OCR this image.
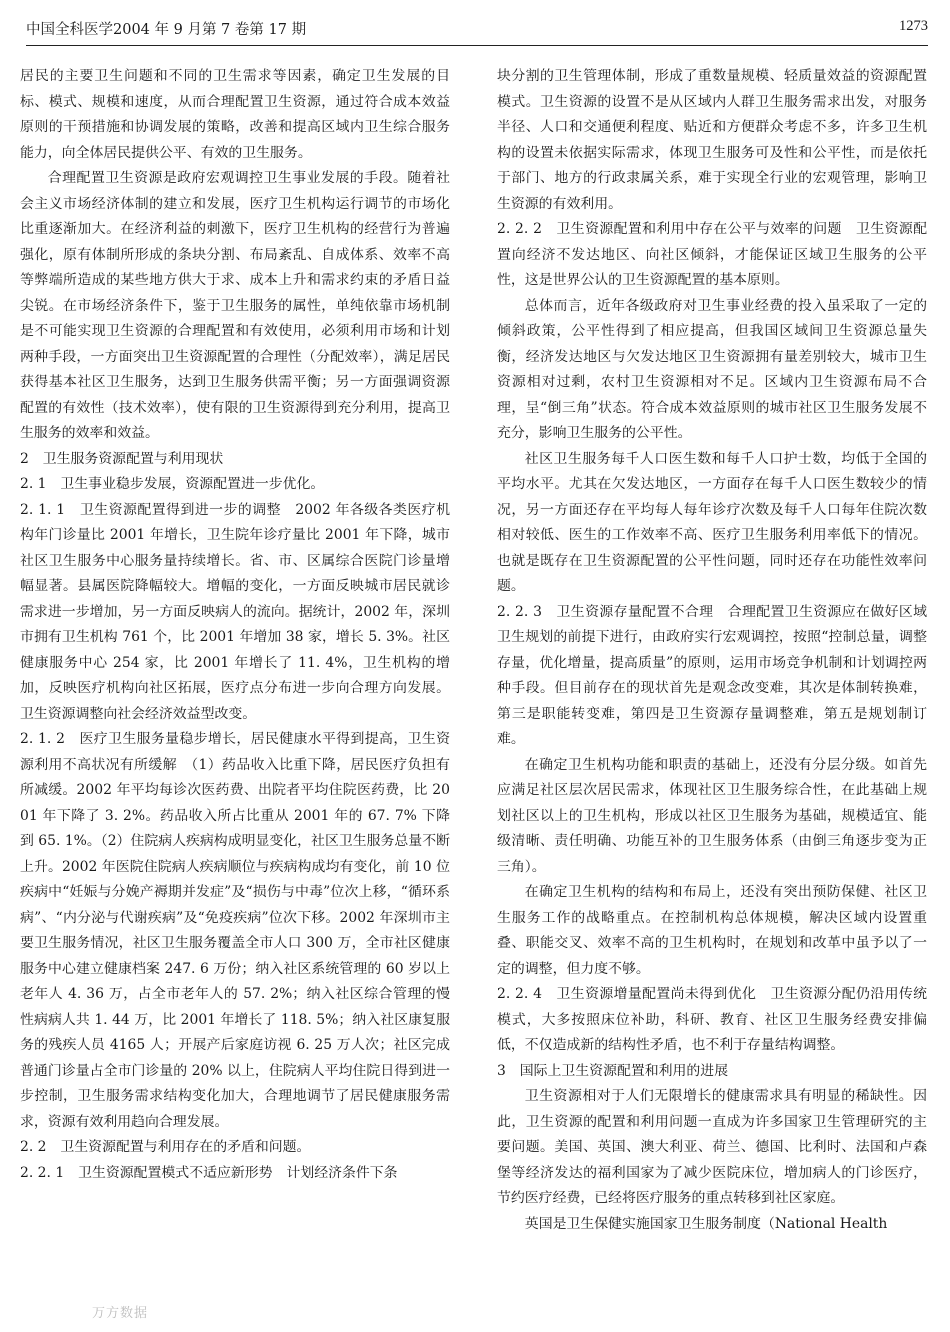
中国全科医学2004 年 9 月第 7 卷第 17 期	1273

居民的主要卫生问题和不同的卫生需求等因素，确定卫生发展的目标、模式、规模和速度，从而合理配置卫生资源，通过符合成本效益原则的干预措施和协调发展的策略，改善和提高区域内卫生综合服务能力，向全体居民提供公平、有效的卫生服务。

合理配置卫生资源是政府宏观调控卫生事业发展的手段。随着社会主义市场经济体制的建立和发展，医疗卫生机构运行调节的市场化比重逐渐加大。在经济利益的刺激下，医疗卫生机构的经营行为普遍强化，原有体制所形成的条块分割、布局紊乱、自成体系、效率不高等弊端所造成的某些地方供大于求、成本上升和需求约束的矛盾日益尖锐。在市场经济条件下，鉴于卫生服务的属性，单纯依靠市场机制是不可能实现卫生资源的合理配置和有效使用，必须利用市场和计划两种手段，一方面突出卫生资源配置的合理性（分配效率），满足居民获得基本社区卫生服务，达到卫生服务供需平衡；另一方面强调资源配置的有效性（技术效率），使有限的卫生资源得到充分利用，提高卫生服务的效率和效益。

2　卫生服务资源配置与利用现状

2. 1　卫生事业稳步发展，资源配置进一步优化。

2. 1. 1　卫生资源配置得到进一步的调整　2002 年各级各类医疗机构年门诊量比 2001 年增长，卫生院年诊疗量比 2001 年下降，城市社区卫生服务中心服务量持续增长。省、市、区属综合医院门诊量增幅显著。县属医院降幅较大。增幅的变化，一方面反映城市居民就诊需求进一步增加，另一方面反映病人的流向。据统计，2002 年，深圳市拥有卫生机构 761 个，比 2001 年增加 38 家，增长 5. 3%。社区健康服务中心 254 家，比 2001 年增长了 11. 4%，卫生机构的增加，反映医疗机构向社区拓展，医疗点分布进一步向合理方向发展。卫生资源调整向社会经济效益型改变。

2. 1. 2　医疗卫生服务量稳步增长，居民健康水平得到提高，卫生资源利用不高状况有所缓解　（1）药品收入比重下降，居民医疗负担有所减缓。2002 年平均每诊次医药费、出院者平均住院医药费，比 2001 年下降了 3. 2%。药品收入所占比重从 2001 年的 67. 7% 下降到 65. 1%。（2）住院病人疾病构成明显变化，社区卫生服务总量不断上升。2002 年医院住院病人疾病顺位与疾病构成均有变化，前 10 位疾病中“妊娠与分娩产褥期并发症”及“损伤与中毒”位次上移，“循环系病”、“内分泌与代谢疾病”及“免疫疾病”位次下移。2002 年深圳市主要卫生服务情况，社区卫生服务覆盖全市人口 300 万，全市社区健康服务中心建立健康档案 247. 6 万份；纳入社区系统管理的 60 岁以上老年人 4. 36 万，占全市老年人的 57. 2%；纳入社区综合管理的慢性病病人共 1. 44 万，比 2001 年增长了 118. 5%；纳入社区康复服务的残疾人员 4165 人；开展产后家庭访视 6. 25 万人次；社区完成普通门诊量占全市门诊量的 20% 以上，住院病人平均住院日得到进一步控制，卫生服务需求结构变化加大，合理地调节了居民健康服务需求，资源有效利用趋向合理发展。

2. 2　卫生资源配置与利用存在的矛盾和问题。

2. 2. 1　卫生资源配置模式不适应新形势　计划经济条件下条

块分割的卫生管理体制，形成了重数量规模、轻质量效益的资源配置模式。卫生资源的设置不是从区域内人群卫生服务需求出发，对服务半径、人口和交通便利程度、贴近和方便群众考虑不多，许多卫生机构的设置未依据实际需求，体现卫生服务可及性和公平性，而是依托于部门、地方的行政隶属关系，难于实现全行业的宏观管理，影响卫生资源的有效利用。

2. 2. 2　卫生资源配置和利用中存在公平与效率的问题　卫生资源配置向经济不发达地区、向社区倾斜，才能保证区域卫生服务的公平性，这是世界公认的卫生资源配置的基本原则。

总体而言，近年各级政府对卫生事业经费的投入虽采取了一定的倾斜政策，公平性得到了相应提高，但我国区域间卫生资源总量失衡，经济发达地区与欠发达地区卫生资源拥有量差别较大，城市卫生资源相对过剩，农村卫生资源相对不足。区域内卫生资源布局不合理，呈“倒三角”状态。符合成本效益原则的城市社区卫生服务发展不充分，影响卫生服务的公平性。

社区卫生服务每千人口医生数和每千人口护士数，均低于全国的平均水平。尤其在欠发达地区，一方面存在每千人口医生数较少的情况，另一方面还存在平均每人每年诊疗次数及每千人口每年住院次数相对较低、医生的工作效率不高、医疗卫生服务利用率低下的情况。也就是既存在卫生资源配置的公平性问题，同时还存在功能性效率问题。

2. 2. 3　卫生资源存量配置不合理　合理配置卫生资源应在做好区域卫生规划的前提下进行，由政府实行宏观调控，按照“控制总量，调整存量，优化增量，提高质量”的原则，运用市场竞争机制和计划调控两种手段。但目前存在的现状首先是观念改变难，其次是体制转换难，第三是职能转变难，第四是卫生资源存量调整难，第五是规划制订难。

在确定卫生机构功能和职责的基础上，还没有分层分级。如首先应满足社区层次居民需求，体现社区卫生服务综合性，在此基础上规划社区以上的卫生机构，形成以社区卫生服务为基础，规模适宜、能级清晰、责任明确、功能互补的卫生服务体系（由倒三角逐步变为正三角）。

在确定卫生机构的结构和布局上，还没有突出预防保健、社区卫生服务工作的战略重点。在控制机构总体规模，解决区域内设置重叠、职能交叉、效率不高的卫生机构时，在规划和改革中虽予以了一定的调整，但力度不够。

2. 2. 4　卫生资源增量配置尚未得到优化　卫生资源分配仍沿用传统模式，大多按照床位补助，科研、教育、社区卫生服务经费安排偏低，不仅造成新的结构性矛盾，也不利于存量结构调整。

3　国际上卫生资源配置和利用的进展

卫生资源相对于人们无限增长的健康需求具有明显的稀缺性。因此，卫生资源的配置和利用问题一直成为许多国家卫生管理研究的主要问题。美国、英国、澳大利亚、荷兰、德国、比利时、法国和卢森堡等经济发达的福利国家为了减少医院床位，增加病人的门诊医疗，节约医疗经费，已经将医疗服务的重点转移到社区家庭。

英国是卫生保健实施国家卫生服务制度（National Health

万方数据
